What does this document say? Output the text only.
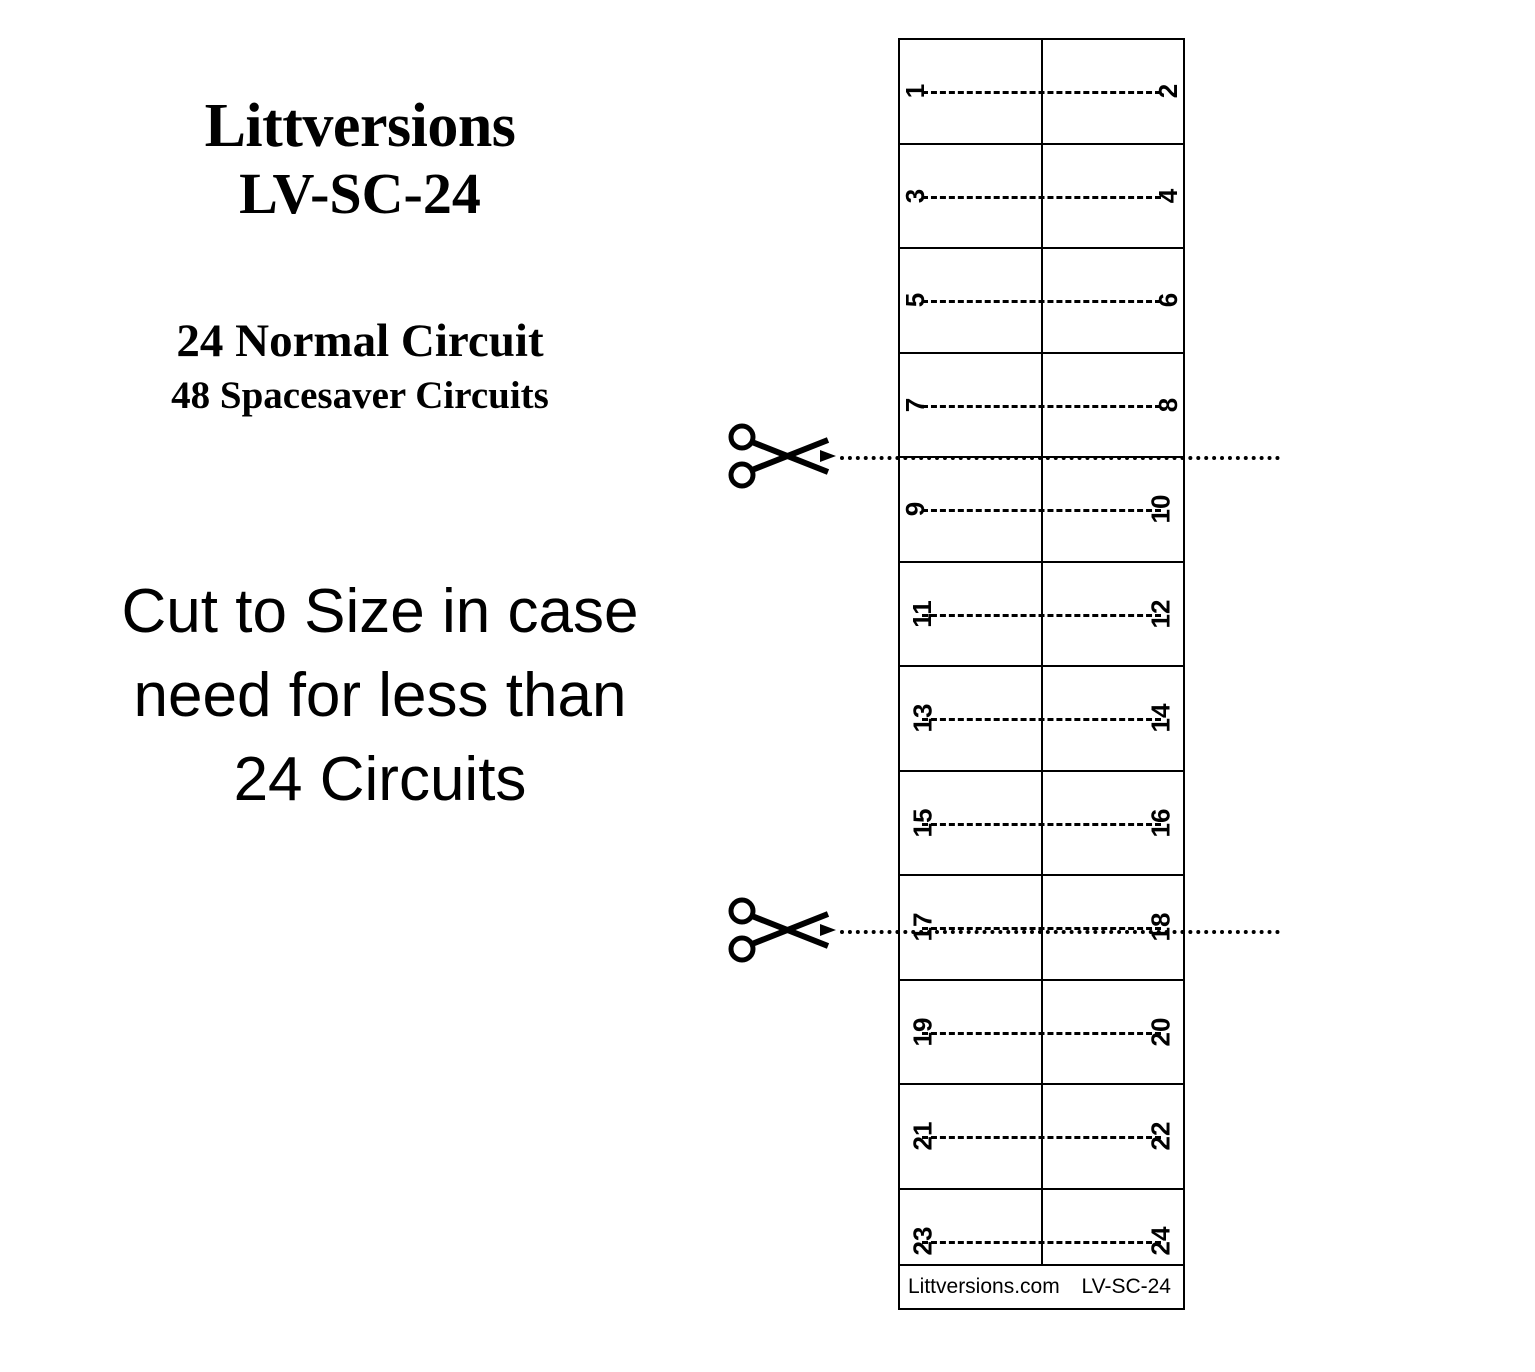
Littversions
LV-SC-24
24 Normal Circuit
48 Spacesaver Circuits
Cut to Size in case
need for less than
24 Circuits
1	2
3	4
5	6
7	8
9	10
11	12
13	14
15	16
17	18
19	20
21	22
23	24
Littversions.com LV-SC-24
